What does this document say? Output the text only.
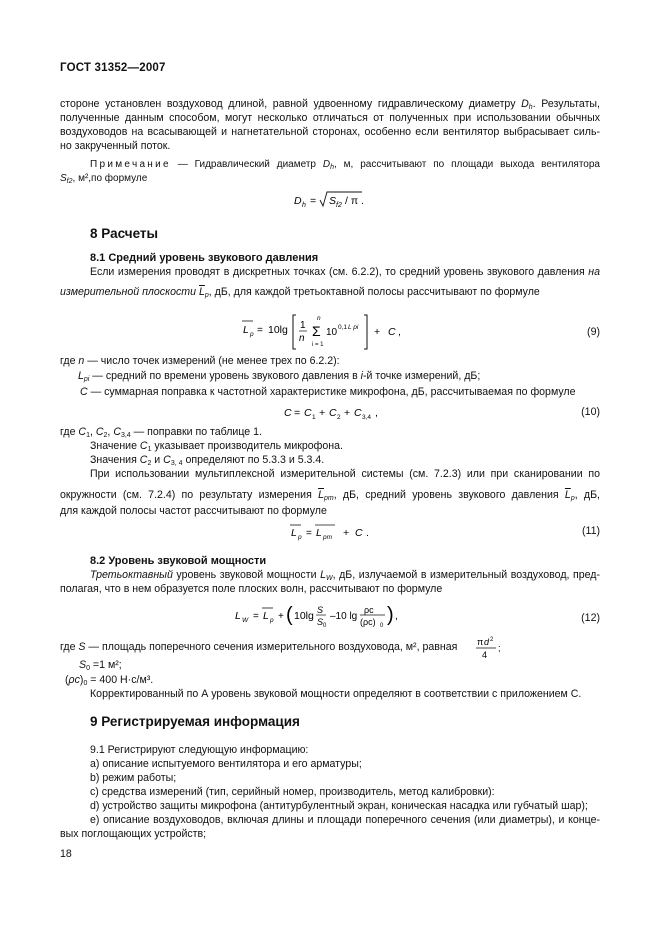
ГОСТ 31352—2007
стороне установлен воздуховод длиной, равной удвоенному гидравлическому диаметру $D_h$. Результаты,
полученные данным способом, могут несколько отличаться от полученных при использовании обычных
воздуховодов на всасывающей и нагнетательной сторонах, особенно если вентилятор выбрасывает силь-
но закрученный поток.
Примечание — Гидравлический диаметр $D_h$, м, рассчитывают по площади выхода вентилятора
$S_{f2}$, м²,по формуле
D h = S f2 / π .
8 Расчеты
8.1 Средний уровень звукового давления
Если измерения проводят в дискретных точках (см. 6.2.2), то средний уровень звукового давления на
измерительной плоскости $\overline{L}_p$, дБ, для каждой третьоктавной полосы рассчитывают по формуле
L p = 10lg 1
n
n
Σ
i = 1
10 0,1 L pi + C ,	(9)
где n — число точек измерений (не менее трех по 6.2.2):
$L_{pi}$ — средний по времени уровень звукового давления в i-й точке измерений, дБ;
C — суммарная поправка к частотной характеристике микрофона, дБ, рассчитываемая по формуле
C = C 1 + C 2 + C 3,4 ,	(10)
где $C_1$, $C_2$, $C_{3,4}$ — поправки по таблице 1.
Значение $C_1$ указывает производитель микрофона.
Значения $C_2$ и $C_{3, 4}$ определяют по 5.3.3 и 5.3.4.
При использовании мультиплексной измерительной системы (см. 7.2.3) или при сканировании по
окружности (см. 7.2.4) по результату измерения $\overline{L}_{pm}$, дБ, средний уровень звукового давления $\overline{L}_p$, дБ,
для каждой полосы частот рассчитывают по формуле
L p = L pm + C .	(11)
8.2 Уровень звуковой мощности
Третьоктавный уровень звуковой мощности $L_W$, дБ, излучаемой в измерительный воздуховод, пред-
полагая, что в нем образуется поле плоских волн, рассчитывают по формуле
L W = L p + ( 10lg S
S 0
–10 lg
ρc
(ρc) 0 ) ,	(12)
где S — площадь поперечного сечения измерительного воздуховода, м², равная	π d 2
4
;
$S_0 =1$ м²;
$(\rho c)_0 = 400$ Н·с/м³.
Корректированный по А уровень звуковой мощности определяют в соответствии с приложением С.
9 Регистрируемая информация
9.1 Регистрируют следующую информацию:
a) описание испытуемого вентилятора и его арматуры;
b) режим работы;
c) средства измерений (тип, серийный номер, производитель, метод калибровки):
d) устройство защиты микрофона (антитурбулентный экран, коническая насадка или губчатый шар);
e) описание воздуховодов, включая длины и площади поперечного сечения (или диаметры), и конце-
вых поглощающих устройств;
18
